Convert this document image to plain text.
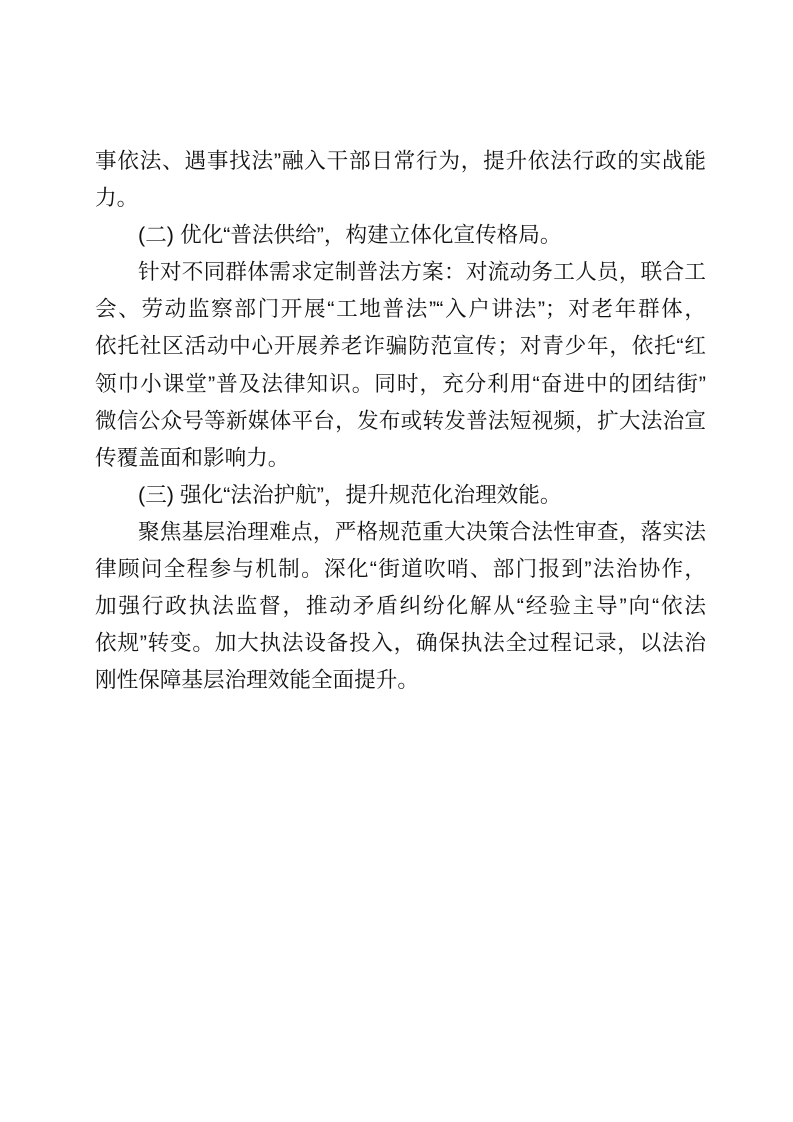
事依法、遇事找法”融入干部日常行为，提升依法行政的实战能
力。
(二) 优化“普法供给”，构建立体化宣传格局。
针对不同群体需求定制普法方案：对流动务工人员，联合工
会、劳动监察部门开展“工地普法”“入户讲法”；对老年群体，
依托社区活动中心开展养老诈骗防范宣传；对青少年，依托“红
领巾小课堂”普及法律知识。同时，充分利用“奋进中的团结街”
微信公众号等新媒体平台，发布或转发普法短视频，扩大法治宣
传覆盖面和影响力。
(三) 强化“法治护航”，提升规范化治理效能。
聚焦基层治理难点，严格规范重大决策合法性审查，落实法
律顾问全程参与机制。深化“街道吹哨、部门报到”法治协作，
加强行政执法监督，推动矛盾纠纷化解从“经验主导”向“依法
依规”转变。加大执法设备投入，确保执法全过程记录，以法治
刚性保障基层治理效能全面提升。
